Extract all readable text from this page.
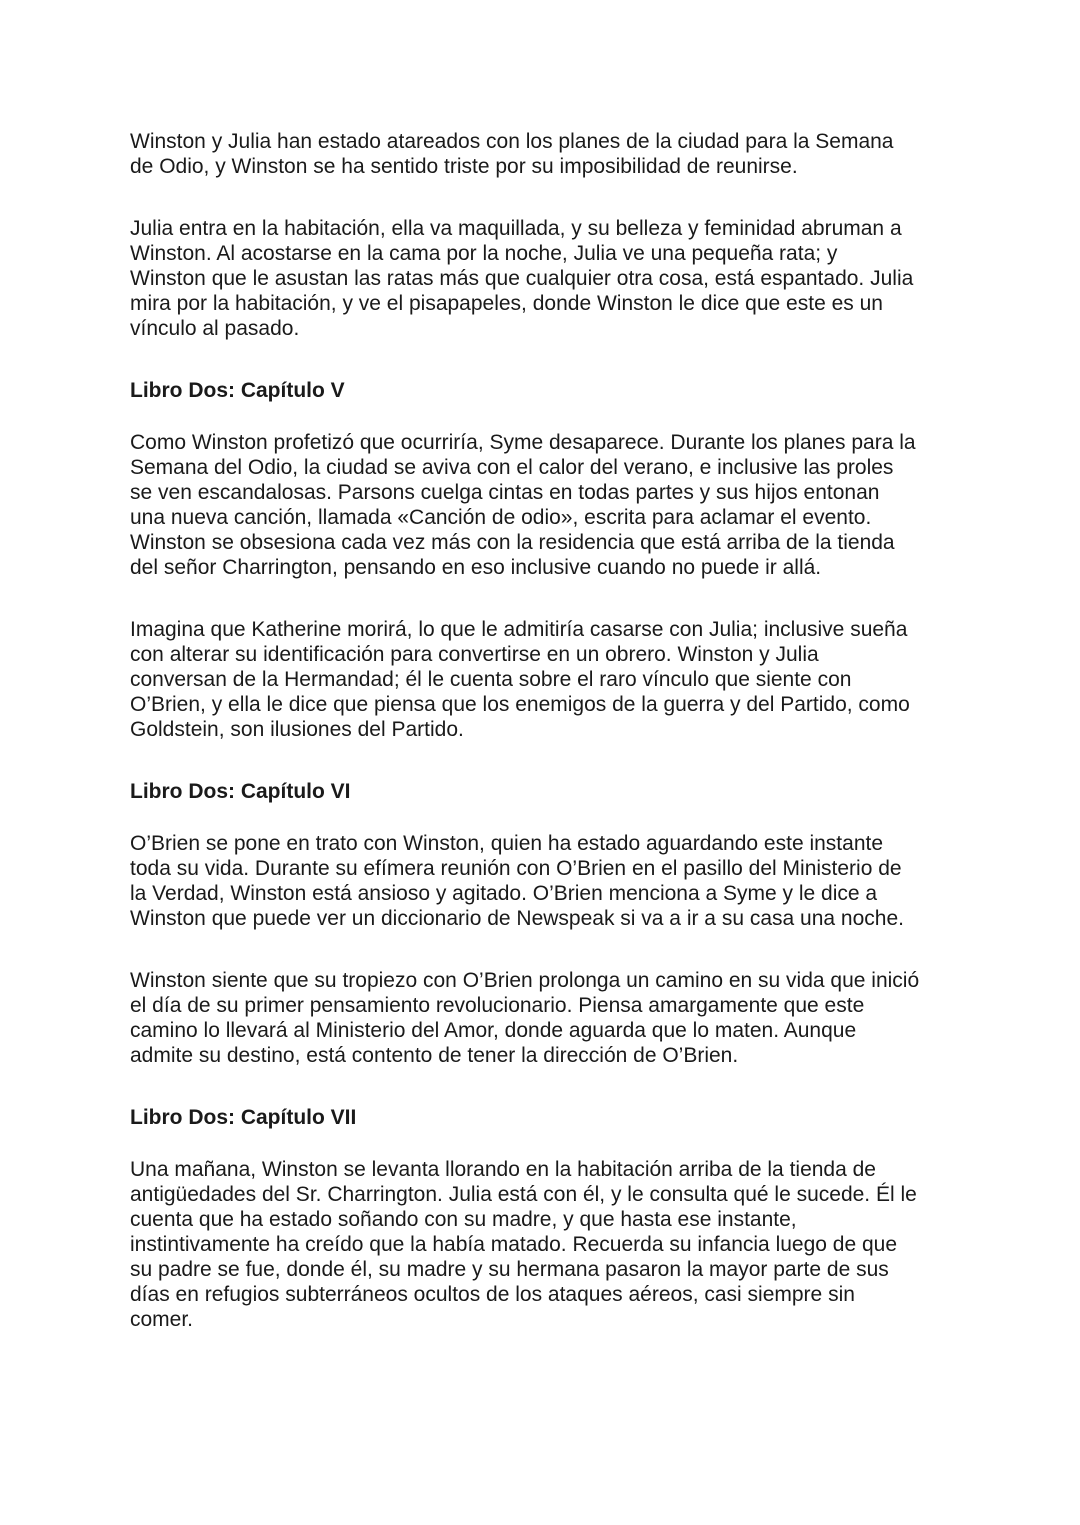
Winston y Julia han estado atareados con los planes de la ciudad para la Semana
de Odio, y Winston se ha sentido triste por su imposibilidad de reunirse.

Julia entra en la habitación, ella va maquillada, y su belleza y feminidad abruman a
Winston. Al acostarse en la cama por la noche, Julia ve una pequeña rata; y
Winston que le asustan las ratas más que cualquier otra cosa, está espantado. Julia
mira por la habitación, y ve el pisapapeles, donde Winston le dice que este es un
vínculo al pasado.

Libro Dos: Capítulo V

Como Winston profetizó que ocurriría, Syme desaparece. Durante los planes para la
Semana del Odio, la ciudad se aviva con el calor del verano, e inclusive las proles
se ven escandalosas. Parsons cuelga cintas en todas partes y sus hijos entonan
una nueva canción, llamada «Canción de odio», escrita para aclamar el evento.
Winston se obsesiona cada vez más con la residencia que está arriba de la tienda
del señor Charrington, pensando en eso inclusive cuando no puede ir allá.

Imagina que Katherine morirá, lo que le admitiría casarse con Julia; inclusive sueña
con alterar su identificación para convertirse en un obrero. Winston y Julia
conversan de la Hermandad; él le cuenta sobre el raro vínculo que siente con
O’Brien, y ella le dice que piensa que los enemigos de la guerra y del Partido, como
Goldstein, son ilusiones del Partido.

Libro Dos: Capítulo VI

O’Brien se pone en trato con Winston, quien ha estado aguardando este instante
toda su vida. Durante su efímera reunión con O’Brien en el pasillo del Ministerio de
la Verdad, Winston está ansioso y agitado. O’Brien menciona a Syme y le dice a
Winston que puede ver un diccionario de Newspeak si va a ir a su casa una noche.

Winston siente que su tropiezo con O’Brien prolonga un camino en su vida que inició
el día de su primer pensamiento revolucionario. Piensa amargamente que este
camino lo llevará al Ministerio del Amor, donde aguarda que lo maten. Aunque
admite su destino, está contento de tener la dirección de O’Brien.

Libro Dos: Capítulo VII

Una mañana, Winston se levanta llorando en la habitación arriba de la tienda de
antigüedades del Sr. Charrington. Julia está con él, y le consulta qué le sucede. Él le
cuenta que ha estado soñando con su madre, y que hasta ese instante,
instintivamente ha creído que la había matado. Recuerda su infancia luego de que
su padre se fue, donde él, su madre y su hermana pasaron la mayor parte de sus
días en refugios subterráneos ocultos de los ataques aéreos, casi siempre sin
comer.
